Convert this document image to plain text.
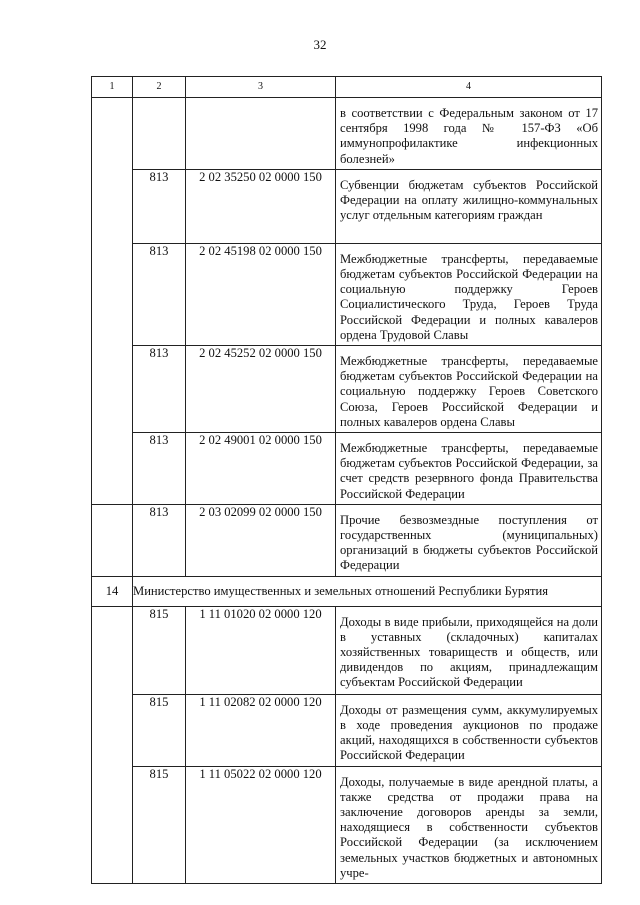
32
1	2	3	4

			в соответствии с Федеральным законом от 17 сентября 1998 года № 157-ФЗ «Об иммунопрофилактике инфекционных болезней»

	813	2 02 35250 02 0000 150	Субвенции бюджетам субъектов Российской Федерации на оплату жилищно-коммунальных услуг отдельным категориям граждан

	813	2 02 45198 02 0000 150	Межбюджетные трансферты, передаваемые бюджетам субъектов Российской Федерации на социальную поддержку Героев Социалистического Труда, Героев Труда Российской Федерации и полных кавалеров ордена Трудовой Славы

	813	2 02 45252 02 0000 150	Межбюджетные трансферты, передаваемые бюджетам субъектов Российской Федерации на социальную поддержку Героев Советского Союза, Героев Российской Федерации и полных кавалеров ордена Славы

	813	2 02 49001 02 0000 150	Межбюджетные трансферты, передаваемые бюджетам субъектов Российской Федерации, за счет средств резервного фонда Правительства Российской Федерации

	813	2 03 02099 02 0000 150	Прочие безвозмездные поступления от государственных (муниципальных) организаций в бюджеты субъектов Российской Федерации

14	Министерство имущественных и земельных отношений Республики Бурятия		
	815	1 11 01020 02 0000 120	Доходы в виде прибыли, приходящейся на доли в уставных (складочных) капиталах хозяйственных товариществ и обществ, или дивидендов по акциям, принадлежащим субъектам Российской Федерации

	815	1 11 02082 02 0000 120	Доходы от размещения сумм, аккумулируемых в ходе проведения аукционов по продаже акций, находящихся в собственности субъектов Российской Федерации

	815	1 11 05022 02 0000 120	Доходы, получаемые в виде арендной платы, а также средства от продажи права на заключение договоров аренды за земли, находящиеся в собственности субъектов Российской Федерации (за исключением земельных участков бюджетных и автономных учре-
